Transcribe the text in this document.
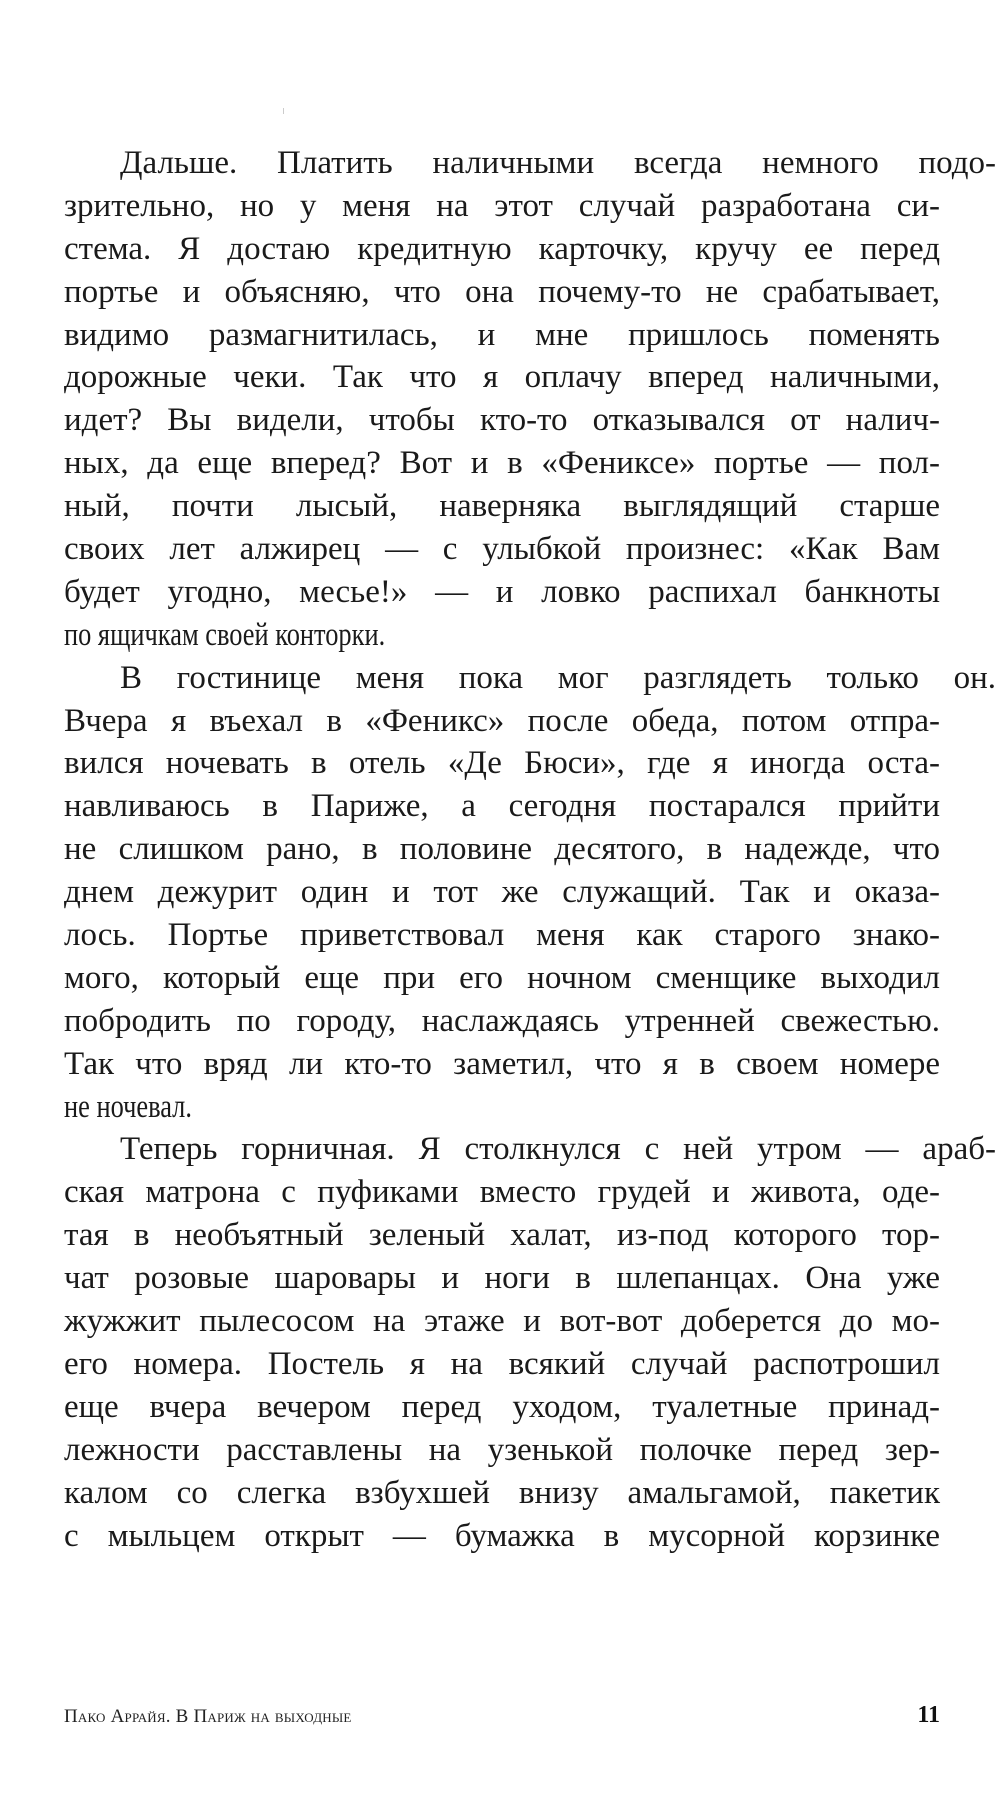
Дальше. Платить наличными всегда немного подо-
зрительно, но у меня на этот случай разработана си-
стема. Я достаю кредитную карточку, кручу ее перед
портье и объясняю, что она почему-то не срабатывает,
видимо размагнитилась, и мне пришлось поменять
дорожные чеки. Так что я оплачу вперед наличными,
идет? Вы видели, чтобы кто-то отказывался от налич-
ных, да еще вперед? Вот и в «Фениксе» портье — пол-
ный, почти лысый, наверняка выглядящий старше
своих лет алжирец — с улыбкой произнес: «Как Вам
будет угодно, месье!» — и ловко распихал банкноты
по ящичкам своей конторки.
В гостинице меня пока мог разглядеть только он.
Вчера я въехал в «Феникс» после обеда, потом отпра-
вился ночевать в отель «Де Бюси», где я иногда оста-
навливаюсь в Париже, а сегодня постарался прийти
не слишком рано, в половине десятого, в надежде, что
днем дежурит один и тот же служащий. Так и оказа-
лось. Портье приветствовал меня как старого знако-
мого, который еще при его ночном сменщике выходил
побродить по городу, наслаждаясь утренней свежестью.
Так что вряд ли кто-то заметил, что я в своем номере
не ночевал.
Теперь горничная. Я столкнулся с ней утром — араб-
ская матрона с пуфиками вместо грудей и живота, оде-
тая в необъятный зеленый халат, из-под которого тор-
чат розовые шаровары и ноги в шлепанцах. Она уже
жужжит пылесосом на этаже и вот-вот доберется до мо-
его номера. Постель я на всякий случай распотрошил
еще вчера вечером перед уходом, туалетные принад-
лежности расставлены на узенькой полочке перед зер-
калом со слегка взбухшей внизу амальгамой, пакетик
с мыльцем открыт — бумажка в мусорной корзинке
Пако Аррайя. В Париж на выходные	11
